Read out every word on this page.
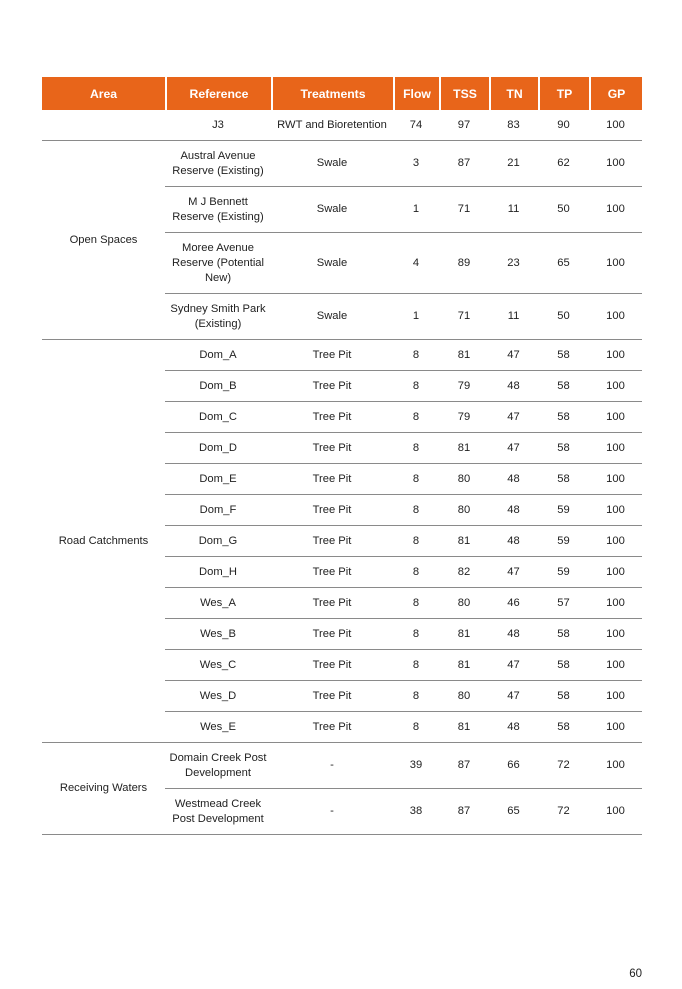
Area	Reference	Treatments	Flow	TSS	TN	TP	GP
	J3	RWT and Bioretention	74	97	83	90	100
Open Spaces	Austral Avenue Reserve (Existing)	Swale	3	87	21	62	100
	M J Bennett Reserve (Existing)	Swale	1	71	11	50	100
	Moree Avenue Reserve (Potential New)	Swale	4	89	23	65	100
	Sydney Smith Park (Existing)	Swale	1	71	11	50	100
Road Catchments	Dom_A	Tree Pit	8	81	47	58	100
	Dom_B	Tree Pit	8	79	48	58	100
	Dom_C	Tree Pit	8	79	47	58	100
	Dom_D	Tree Pit	8	81	47	58	100
	Dom_E	Tree Pit	8	80	48	58	100
	Dom_F	Tree Pit	8	80	48	59	100
	Dom_G	Tree Pit	8	81	48	59	100
	Dom_H	Tree Pit	8	82	47	59	100
	Wes_A	Tree Pit	8	80	46	57	100
	Wes_B	Tree Pit	8	81	48	58	100
	Wes_C	Tree Pit	8	81	47	58	100
	Wes_D	Tree Pit	8	80	47	58	100
	Wes_E	Tree Pit	8	81	48	58	100
Receiving Waters	Domain Creek Post Development	-	39	87	66	72	100
	Westmead Creek Post Development	-	38	87	65	72	100
60
